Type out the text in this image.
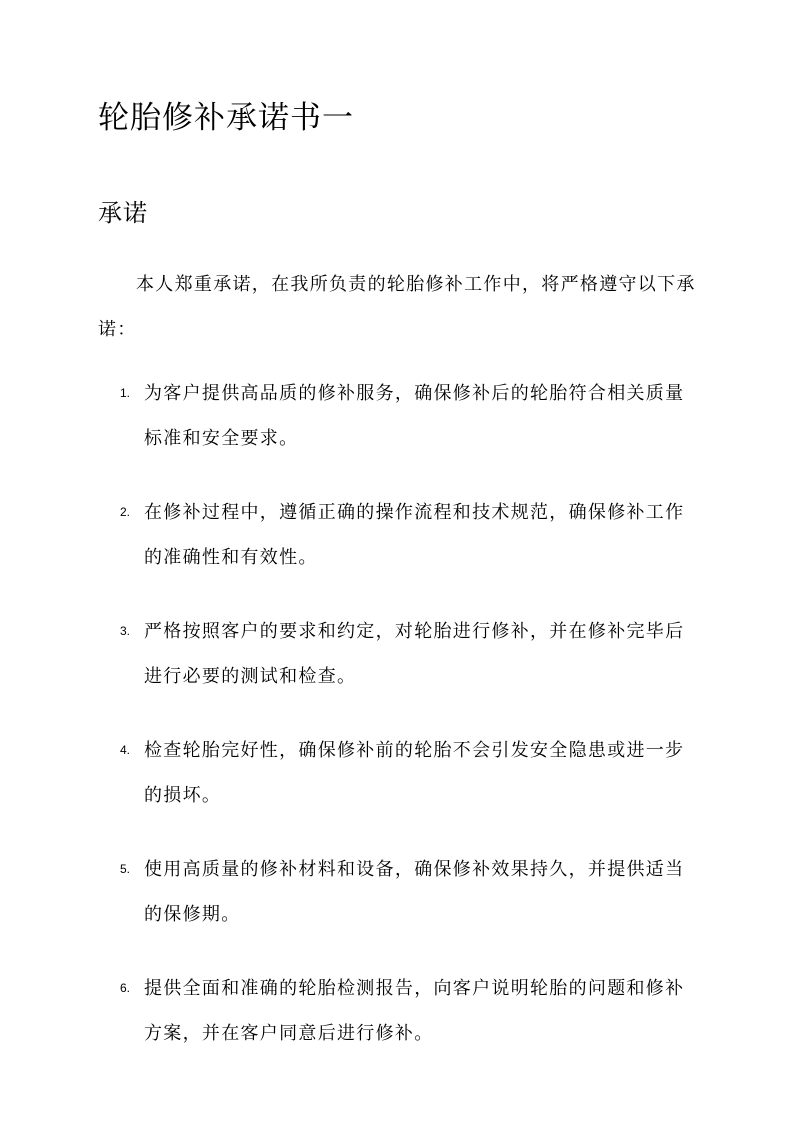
轮胎修补承诺书一
承诺

本人郑重承诺，在我所负责的轮胎修补工作中，将严格遵守以下承诺：

1. 为客户提供高品质的修补服务，确保修补后的轮胎符合相关质量标准和安全要求。
2. 在修补过程中，遵循正确的操作流程和技术规范，确保修补工作的准确性和有效性。
3. 严格按照客户的要求和约定，对轮胎进行修补，并在修补完毕后进行必要的测试和检查。
4. 检查轮胎完好性，确保修补前的轮胎不会引发安全隐患或进一步的损坏。
5. 使用高质量的修补材料和设备，确保修补效果持久，并提供适当的保修期。
6. 提供全面和准确的轮胎检测报告，向客户说明轮胎的问题和修补方案，并在客户同意后进行修补。
